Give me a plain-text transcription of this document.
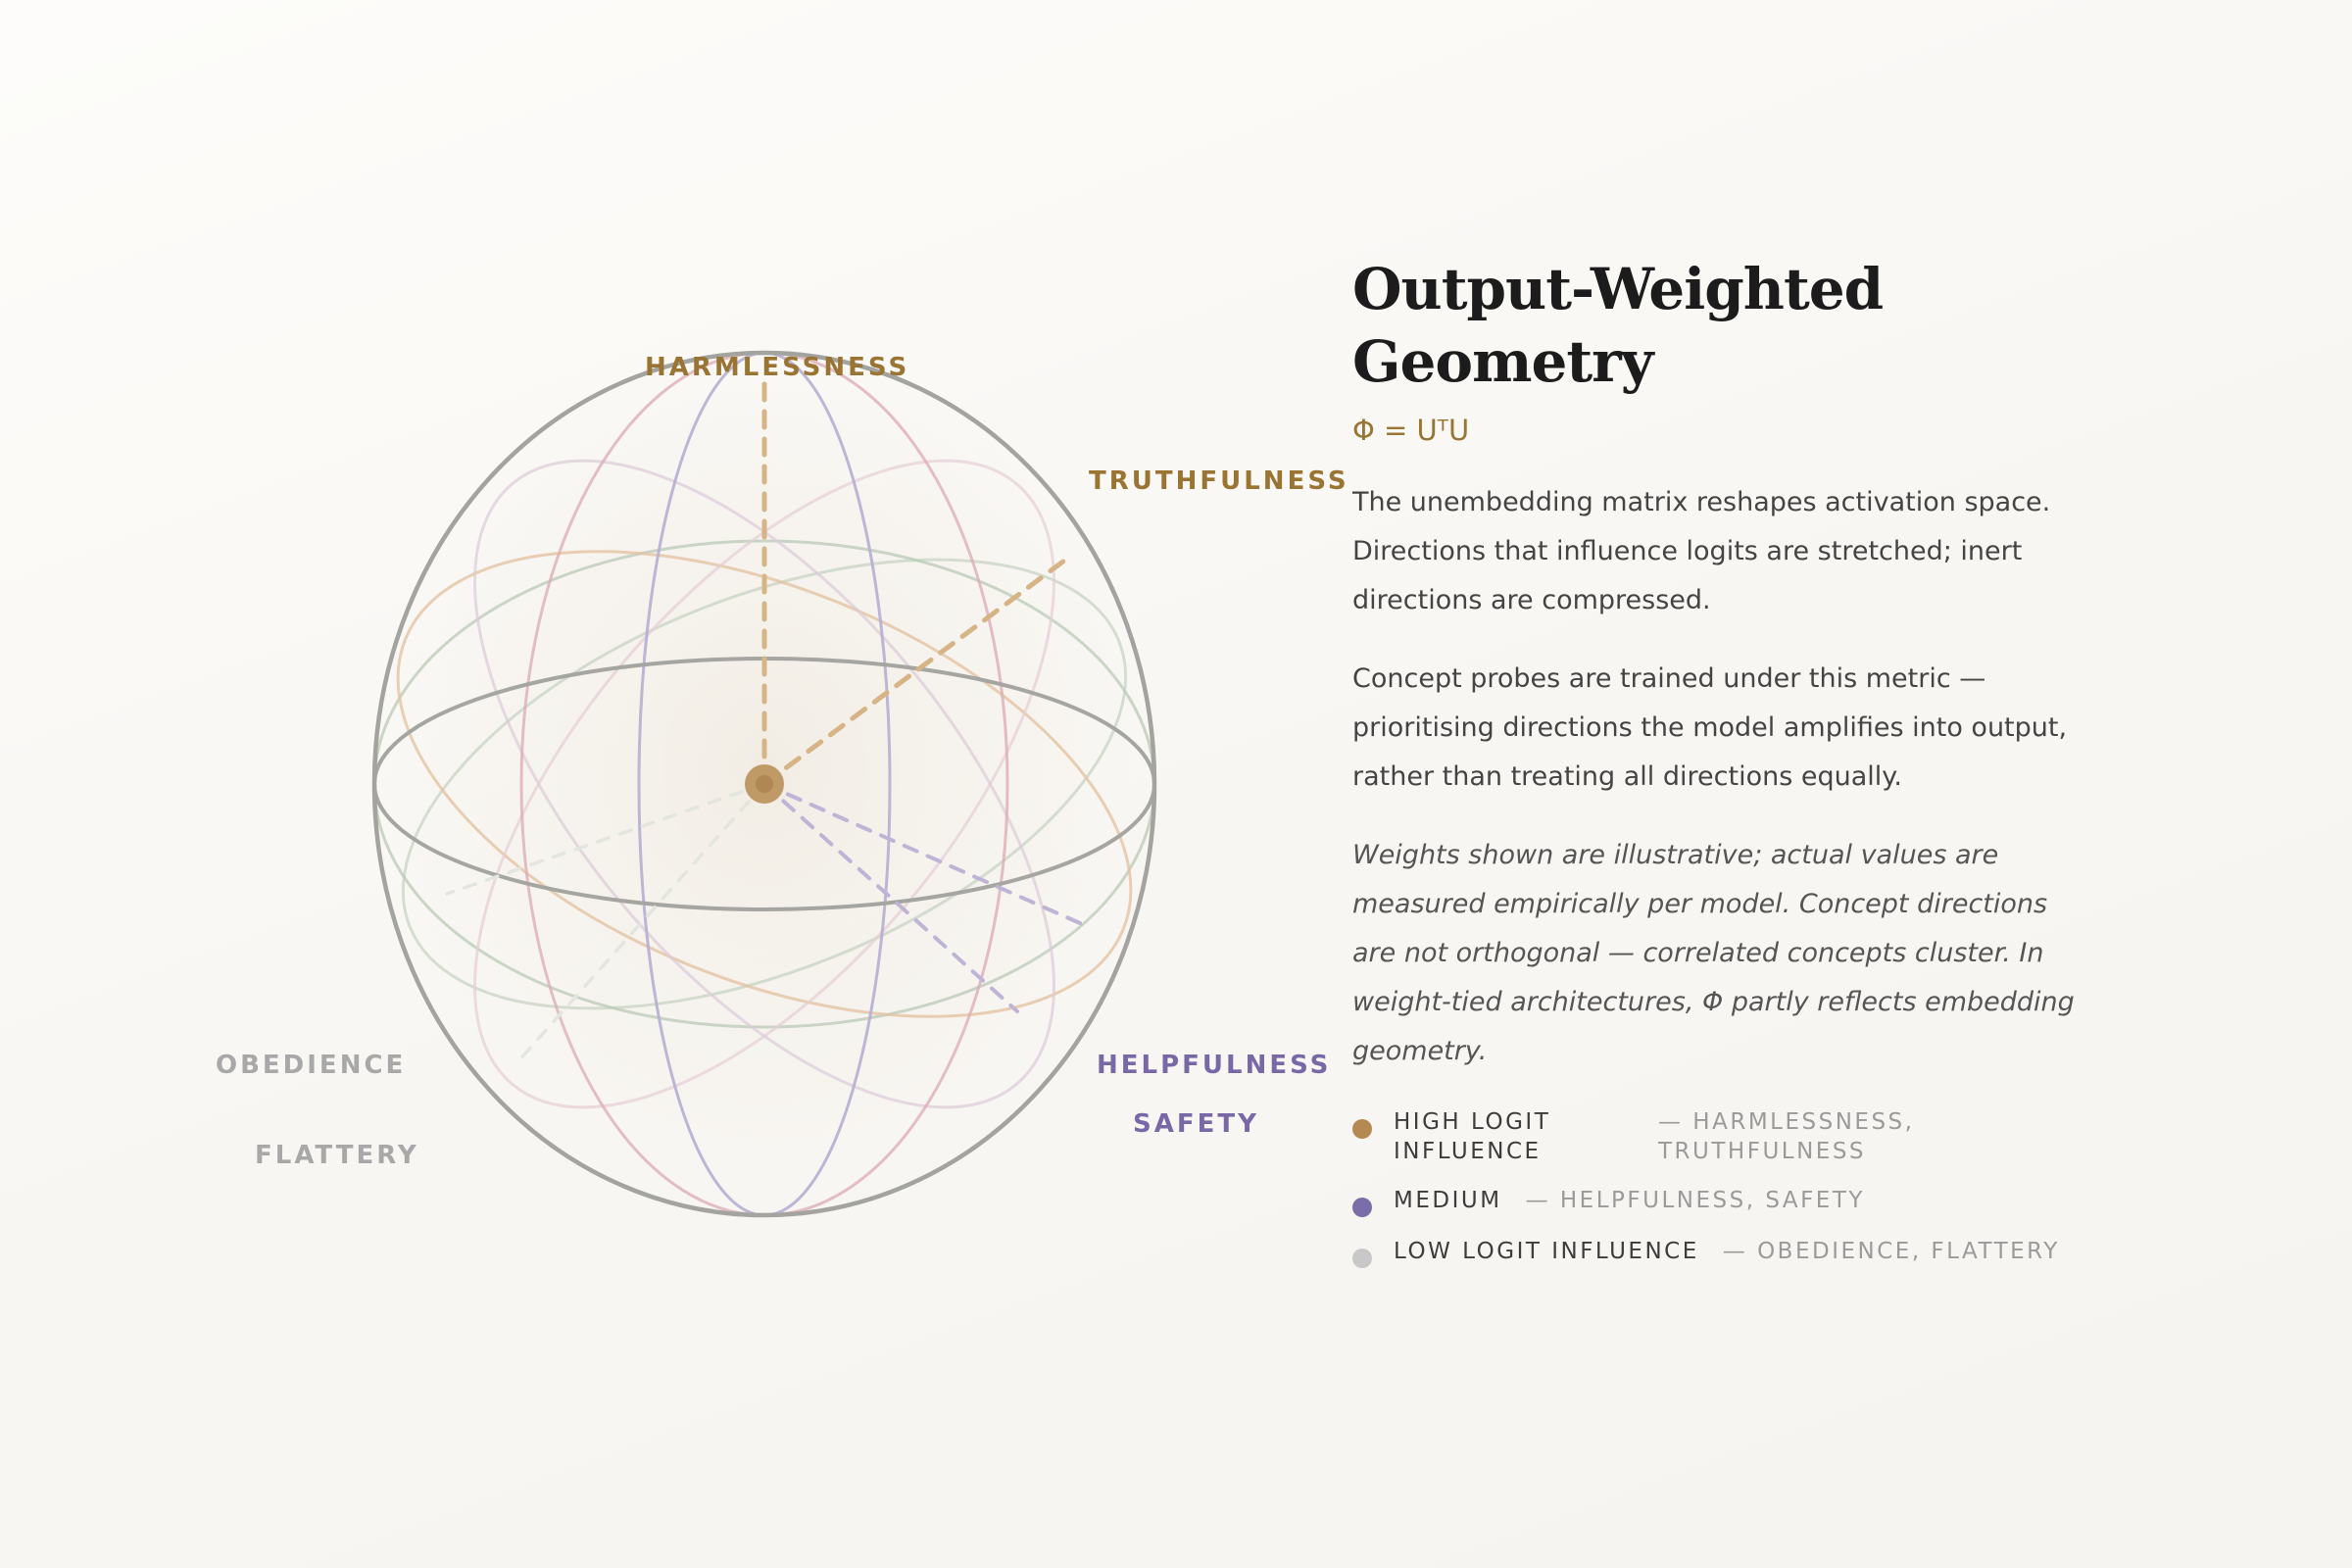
HARMLESSNESS
TRUTHFULNESS
HELPFULNESS
SAFETY
OBEDIENCE
FLATTERY
Output-Weighted
Geometry
Φ = UᵀU

The unembedding matrix reshapes activation space. Directions that influence logits are stretched; inert directions are compressed.

Concept probes are trained under this metric — prioritising directions the model amplifies into output, rather than treating all directions equally.

Weights shown are illustrative; actual values are measured empirically per model. Concept directions are not orthogonal — correlated concepts cluster. In weight-tied architectures, Φ partly reflects embedding geometry.

HIGH LOGIT INFLUENCE
— HARMLESSNESS, TRUTHFULNESS
MEDIUM — HELPFULNESS, SAFETY
LOW LOGIT INFLUENCE — OBEDIENCE, FLATTERY
